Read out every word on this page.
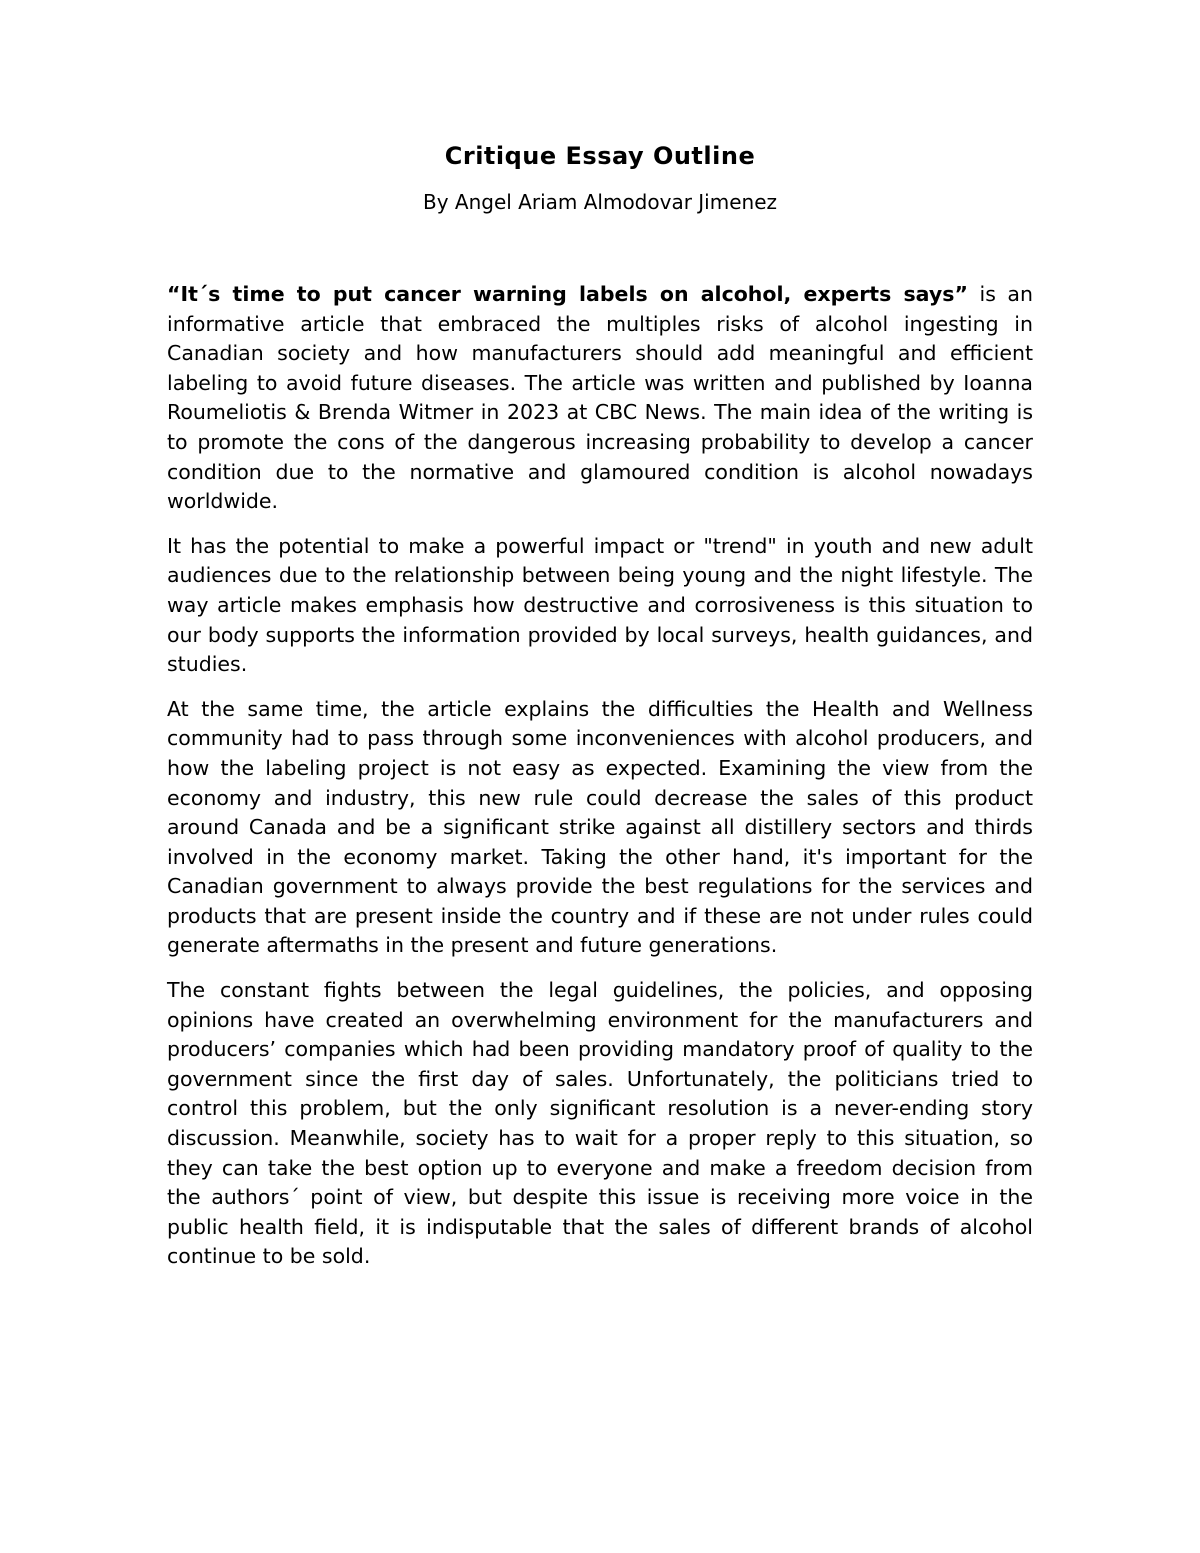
Critique Essay Outline

By Angel Ariam Almodovar Jimenez

“It´s time to put cancer warning labels on alcohol, experts says” is an informative article that embraced the multiples risks of alcohol ingesting in Canadian society and how manufacturers should add meaningful and efficient labeling to avoid future diseases. The article was written and published by Ioanna Roumeliotis & Brenda Witmer in 2023 at CBC News. The main idea of the writing is to promote the cons of the dangerous increasing probability to develop a cancer condition due to the normative and glamoured condition is alcohol nowadays worldwide.

It has the potential to make a powerful impact or "trend" in youth and new adult audiences due to the relationship between being young and the night lifestyle. The way article makes emphasis how destructive and corrosiveness is this situation to our body supports the information provided by local surveys, health guidances, and studies.

At the same time, the article explains the difficulties the Health and Wellness community had to pass through some inconveniences with alcohol producers, and how the labeling project is not easy as expected. Examining the view from the economy and industry, this new rule could decrease the sales of this product around Canada and be a significant strike against all distillery sectors and thirds involved in the economy market. Taking the other hand, it's important for the Canadian government to always provide the best regulations for the services and products that are present inside the country and if these are not under rules could generate aftermaths in the present and future generations.

The constant fights between the legal guidelines, the policies, and opposing opinions have created an overwhelming environment for the manufacturers and producers’ companies which had been providing mandatory proof of quality to the government since the first day of sales. Unfortunately, the politicians tried to control this problem, but the only significant resolution is a never-ending story discussion. Meanwhile, society has to wait for a proper reply to this situation, so they can take the best option up to everyone and make a freedom decision from the authors´ point of view, but despite this issue is receiving more voice in the public health field, it is indisputable that the sales of different brands of alcohol continue to be sold.
